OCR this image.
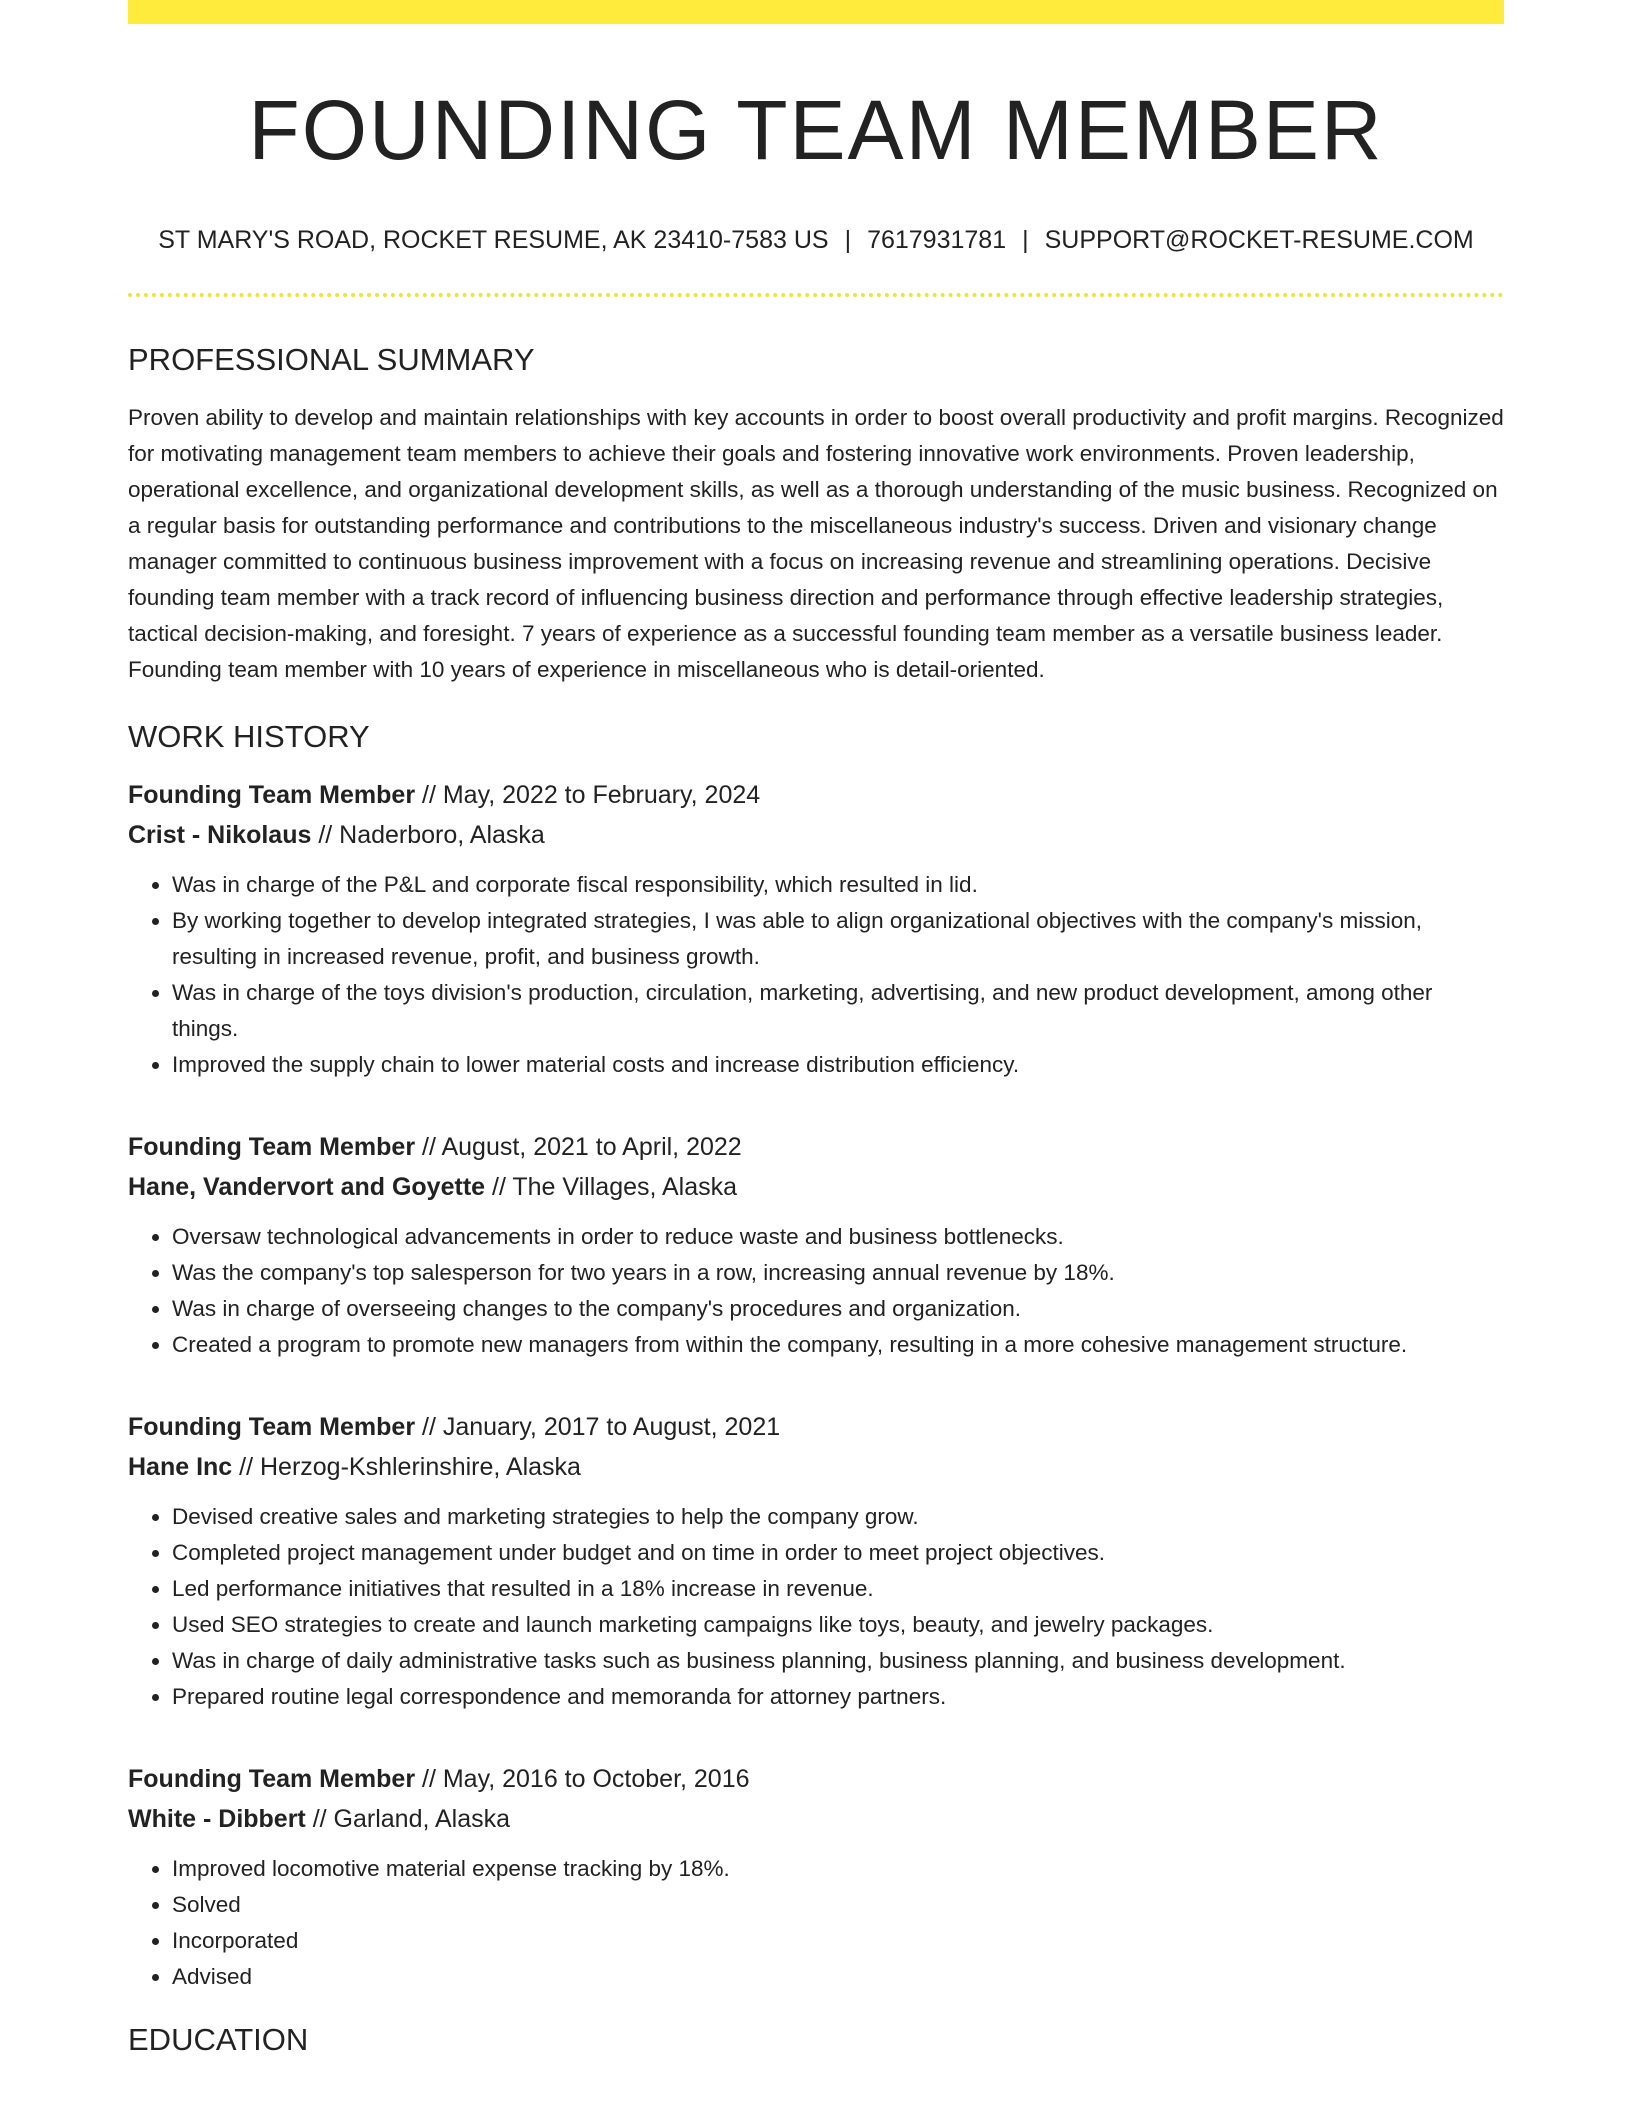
FOUNDING TEAM MEMBER
ST MARY'S ROAD, ROCKET RESUME, AK 23410-7583 US | 7617931781 | SUPPORT@ROCKET-RESUME.COM
PROFESSIONAL SUMMARY

Proven ability to develop and maintain relationships with key accounts in order to boost overall productivity and profit margins. Recognized for motivating management team members to achieve their goals and fostering innovative work environments. Proven leadership, operational excellence, and organizational development skills, as well as a thorough understanding of the music business. Recognized on a regular basis for outstanding performance and contributions to the miscellaneous industry's success. Driven and visionary change manager committed to continuous business improvement with a focus on increasing revenue and streamlining operations. Decisive founding team member with a track record of influencing business direction and performance through effective leadership strategies, tactical decision-making, and foresight. 7 years of experience as a successful founding team member as a versatile business leader. Founding team member with 10 years of experience in miscellaneous who is detail-oriented.

WORK HISTORY
Founding Team Member // May, 2022 to February, 2024
Crist - Nikolaus // Naderboro, Alaska
• Was in charge of the P&L and corporate fiscal responsibility, which resulted in lid.
• By working together to develop integrated strategies, I was able to align organizational objectives with the company's mission, resulting in increased revenue, profit, and business growth.
• Was in charge of the toys division's production, circulation, marketing, advertising, and new product development, among other things.
• Improved the supply chain to lower material costs and increase distribution efficiency.
Founding Team Member // August, 2021 to April, 2022
Hane, Vandervort and Goyette // The Villages, Alaska
• Oversaw technological advancements in order to reduce waste and business bottlenecks.
• Was the company's top salesperson for two years in a row, increasing annual revenue by 18%.
• Was in charge of overseeing changes to the company's procedures and organization.
• Created a program to promote new managers from within the company, resulting in a more cohesive management structure.
Founding Team Member // January, 2017 to August, 2021
Hane Inc // Herzog-Kshlerinshire, Alaska
• Devised creative sales and marketing strategies to help the company grow.
• Completed project management under budget and on time in order to meet project objectives.
• Led performance initiatives that resulted in a 18% increase in revenue.
• Used SEO strategies to create and launch marketing campaigns like toys, beauty, and jewelry packages.
• Was in charge of daily administrative tasks such as business planning, business planning, and business development.
• Prepared routine legal correspondence and memoranda for attorney partners.
Founding Team Member // May, 2016 to October, 2016
White - Dibbert // Garland, Alaska
• Improved locomotive material expense tracking by 18%.
• Solved
• Incorporated
• Advised
EDUCATION
